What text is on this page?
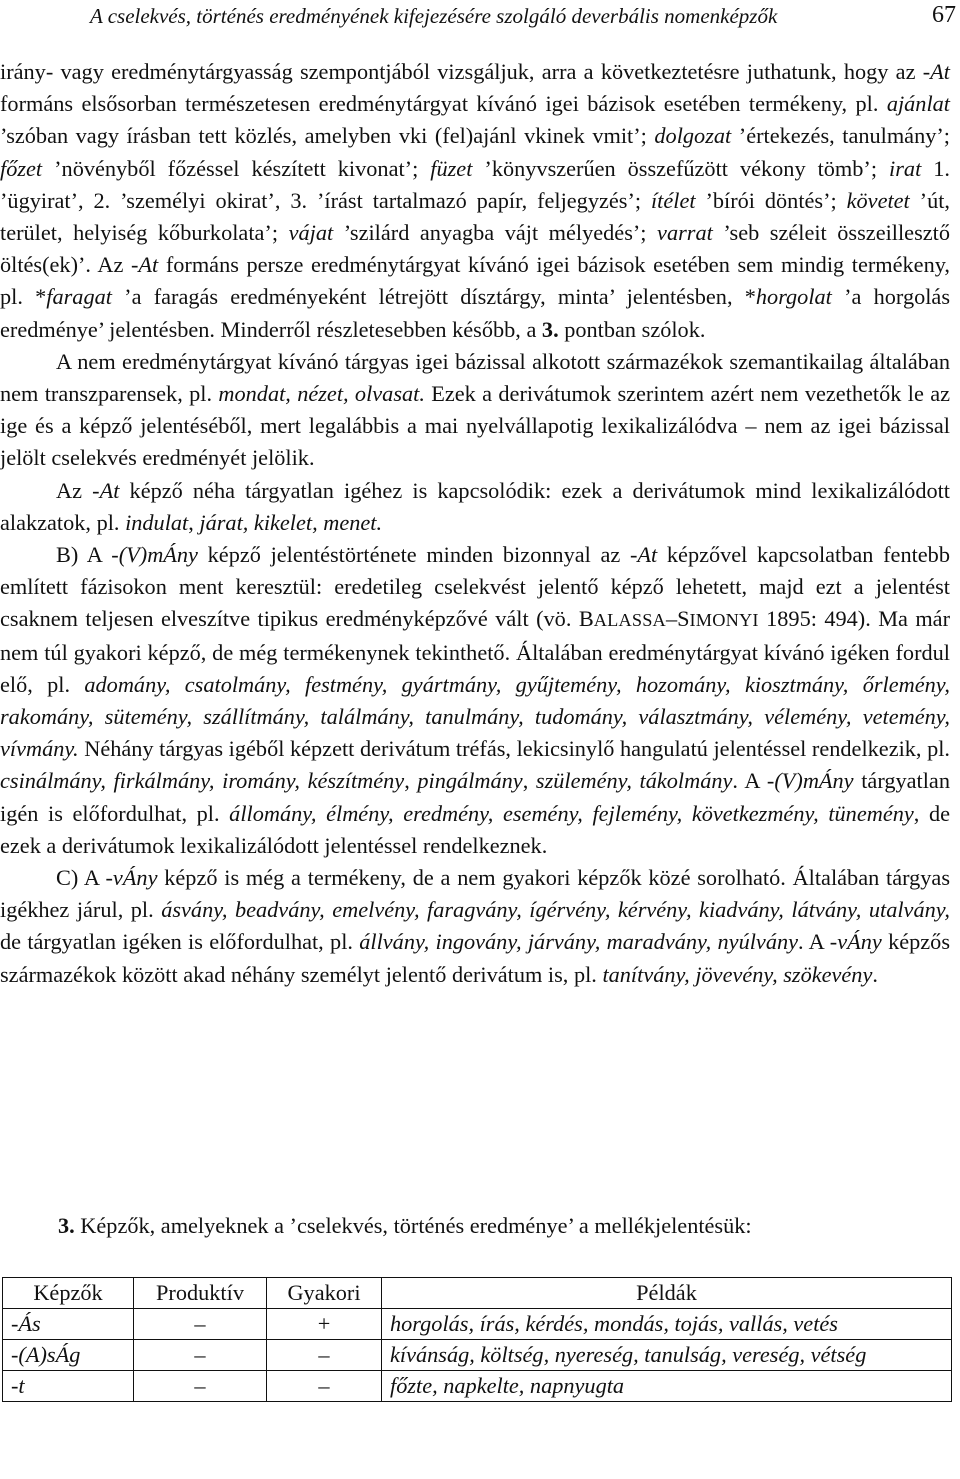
A cselekvés, történés eredményének kifejezésére szolgáló deverbális nomenképzők	67

irány- vagy eredménytárgyasság szempontjából vizsgáljuk, arra a következtetésre juthatunk, hogy az -At formáns elsősorban természetesen eredménytárgyat kívánó igei bázisok esetében termékeny, pl. ajánlat ’szóban vagy írásban tett közlés, amelyben vki (fel)ajánl vkinek vmit’; dolgozat ’értekezés, tanulmány’; főzet ’növényből főzéssel készített kivonat’; füzet ’könyvszerűen összefűzött vékony tömb’; irat 1. ’ügyirat’, 2. ’személyi okirat’, 3. ’írást tartalmazó papír, feljegyzés’; ítélet ’bírói döntés’; követet ’út, terület, helyiség kőburkolata’; vájat ’szilárd anyagba vájt mélyedés’; varrat ’seb széleit összeillesztő öltés(ek)’. Az -At formáns persze eredménytárgyat kívánó igei bázisok esetében sem mindig termékeny, pl. *faragat ’a faragás eredményeként létrejött dísztárgy, minta’ jelentésben, *horgolat ’a horgolás eredménye’ jelentésben. Minderről részletesebben később, a 3. pontban szólok.

A nem eredménytárgyat kívánó tárgyas igei bázissal alkotott származékok szemantikailag általában nem transzparensek, pl. mondat, nézet, olvasat. Ezek a derivátumok szerintem azért nem vezethetők le az ige és a képző jelentéséből, mert legalábbis a mai nyelvállapotig lexikalizálódva – nem az igei bázissal jelölt cselekvés eredményét jelölik.

Az -At képző néha tárgyatlan igéhez is kapcsolódik: ezek a derivátumok mind lexikalizálódott alakzatok, pl. indulat, járat, kikelet, menet.

B) A -(V)mÁny képző jelentéstörténete minden bizonnyal az -At képzővel kapcsolatban fentebb említett fázisokon ment keresztül: eredetileg cselekvést jelentő képző lehetett, majd ezt a jelentést csaknem teljesen elveszítve tipikus eredményképzővé vált (vö. BALASSA–SIMONYI 1895: 494). Ma már nem túl gyakori képző, de még termékenynek tekinthető. Általában eredménytárgyat kívánó igéken fordul elő, pl. adomány, csatolmány, festmény, gyártmány, gyűjtemény, hozomány, kiosztmány, őrlemény, rakomány, sütemény, szállítmány, találmány, tanulmány, tudomány, választmány, vélemény, vetemény, vívmány. Néhány tárgyas igéből képzett derivátum tréfás, lekicsinylő hangulatú jelentéssel rendelkezik, pl. csinálmány, firkálmány, iromány, készítmény, pingálmány, szülemény, tákolmány. A -(V)mÁny tárgyatlan igén is előfordulhat, pl. állomány, élmény, eredmény, esemény, fejlemény, következmény, tünemény, de ezek a derivátumok lexikalizálódott jelentéssel rendelkeznek.

C) A -vÁny képző is még a termékeny, de a nem gyakori képzők közé sorolható. Általában tárgyas igékhez járul, pl. ásvány, beadvány, emelvény, faragvány, ígérvény, kérvény, kiadvány, látvány, utalvány, de tárgyatlan igéken is előfordulhat, pl. állvány, ingovány, járvány, maradvány, nyúlvány. A -vÁny képzős származékok között akad néhány személyt jelentő derivátum is, pl. tanítvány, jövevény, szökevény.

3. Képzők, amelyeknek a ’cselekvés, történés eredménye’ a mellékjelentésük:
Képzők	Produktív	Gyakori	Példák
-Ás	–	+	horgolás, írás, kérdés, mondás, tojás, vallás, vetés
-(A)sÁg	–	–	kívánság, költség, nyereség, tanulság, vereség, vétség
-t	–	–	főzte, napkelte, napnyugta
